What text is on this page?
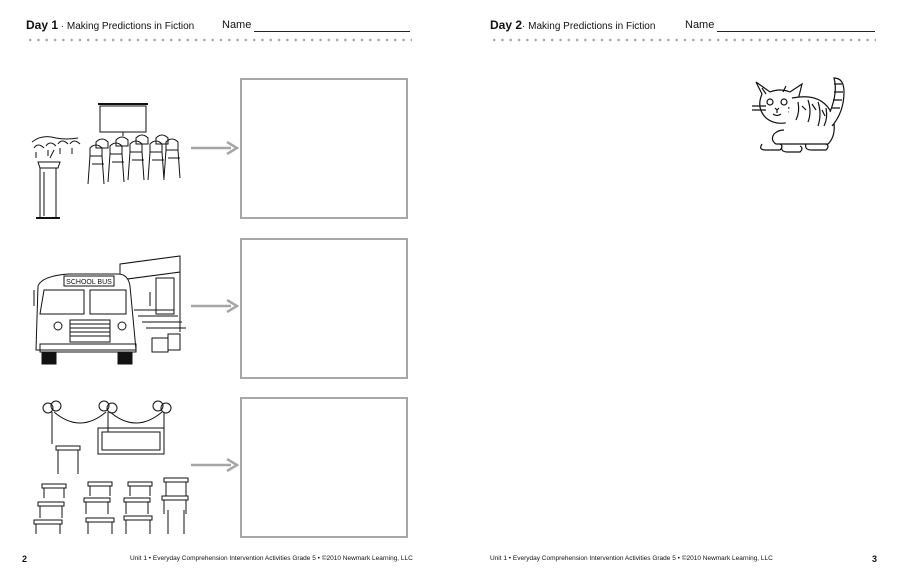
Day 1 · Making Predictions in Fiction	Name
SCHOOL BUS
2	Unit 1 • Everyday Comprehension Intervention Activities Grade 5 • ©2010 Newmark Learning, LLC
Day 2· Making Predictions in Fiction	Name
Unit 1 • Everyday Comprehension Intervention Activities Grade 5 • ©2010 Newmark Learning, LLC	3
